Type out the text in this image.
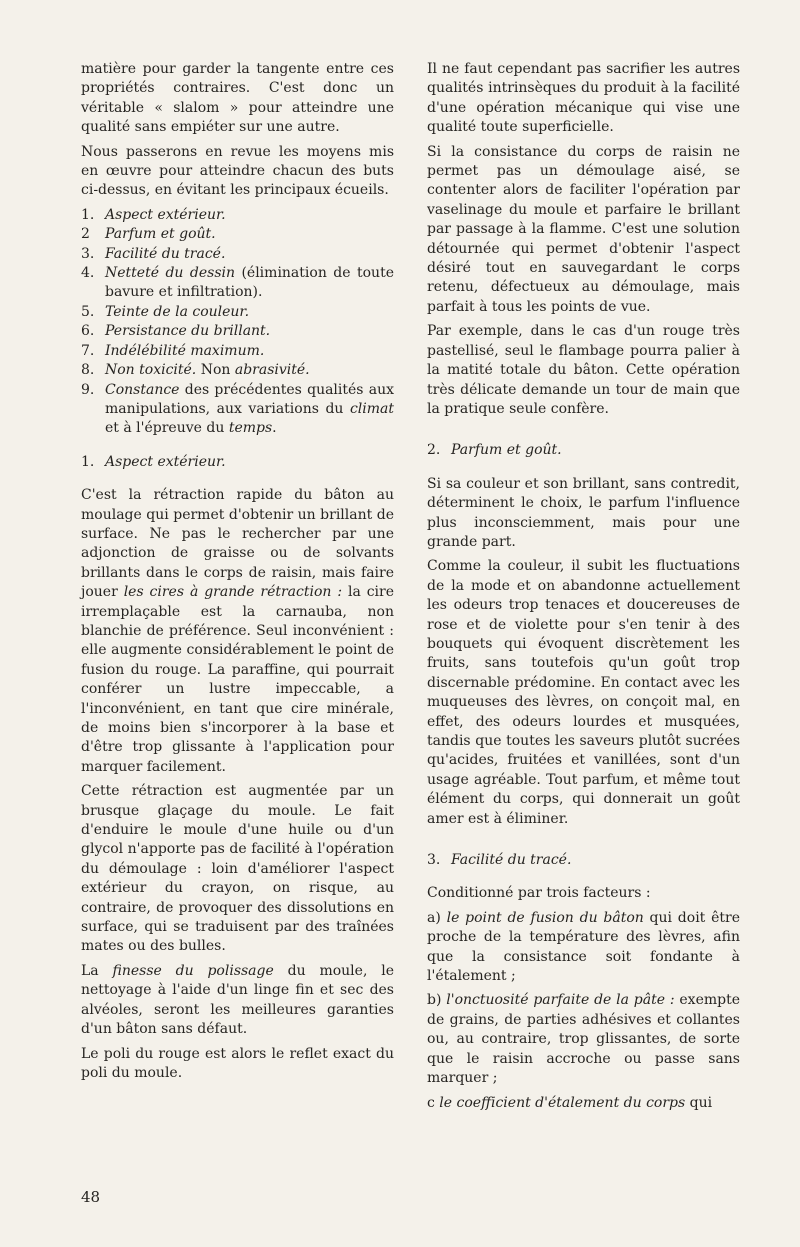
matière pour garder la tangente entre ces propriétés contraires. C'est donc un véritable « slalom » pour atteindre une qualité sans empiéter sur une autre.

Nous passerons en revue les moyens mis en œuvre pour atteindre chacun des buts ci-dessus, en évitant les principaux écueils.

1. Aspect extérieur.
2	Parfum et goût.
3. Facilité du tracé.
4. Netteté du dessin (élimination de toute bavure et infiltration).
5. Teinte de la couleur.
6. Persistance du brillant.
7. Indélébilité maximum.
8. Non toxicité. Non abrasivité.
9. Constance des précédentes qualités aux manipulations, aux variations du climat et à l'épreuve du temps.
1. Aspect extérieur.

C'est la rétraction rapide du bâton au moulage qui permet d'obtenir un brillant de surface. Ne pas le rechercher par une adjonction de graisse ou de solvants brillants dans le corps de raisin, mais faire jouer les cires à grande rétraction : la cire irremplaçable est la carnauba, non blanchie de préférence. Seul inconvénient : elle augmente considérablement le point de fusion du rouge. La paraffine, qui pourrait conférer un lustre impeccable, a l'inconvénient, en tant que cire minérale, de moins bien s'incorporer à la base et d'être trop glissante à l'application pour marquer facilement.

Cette rétraction est augmentée par un brusque glaçage du moule. Le fait d'enduire le moule d'une huile ou d'un glycol n'apporte pas de facilité à l'opération du démoulage : loin d'améliorer l'aspect extérieur du crayon, on risque, au contraire, de provoquer des dissolutions en surface, qui se traduisent par des traînées mates ou des bulles.

La finesse du polissage du moule, le nettoyage à l'aide d'un linge fin et sec des alvéoles, seront les meilleures garanties d'un bâton sans défaut.

Le poli du rouge est alors le reflet exact du poli du moule.

Il ne faut cependant pas sacrifier les autres qualités intrinsèques du produit à la facilité d'une opération mécanique qui vise une qualité toute superficielle.

Si la consistance du corps de raisin ne permet pas un démoulage aisé, se contenter alors de faciliter l'opération par vaselinage du moule et parfaire le brillant par passage à la flamme. C'est une solution détournée qui permet d'obtenir l'aspect désiré tout en sauvegardant le corps retenu, défectueux au démoulage, mais parfait à tous les points de vue.

Par exemple, dans le cas d'un rouge très pastellisé, seul le flambage pourra palier à la matité totale du bâton. Cette opération très délicate demande un tour de main que la pratique seule confère.

2. Parfum et goût.

Si sa couleur et son brillant, sans contredit, déterminent le choix, le parfum l'influence plus inconsciemment, mais pour une grande part.

Comme la couleur, il subit les fluctuations de la mode et on abandonne actuellement les odeurs trop tenaces et doucereuses de rose et de violette pour s'en tenir à des bouquets qui évoquent discrètement les fruits, sans toutefois qu'un goût trop discernable prédomine. En contact avec les muqueuses des lèvres, on conçoit mal, en effet, des odeurs lourdes et musquées, tandis que toutes les saveurs plutôt sucrées qu'acides, fruitées et vanillées, sont d'un usage agréable. Tout parfum, et même tout élément du corps, qui donnerait un goût amer est à éliminer.

3. Facilité du tracé.

Conditionné par trois facteurs :

a) le point de fusion du bâton qui doit être proche de la température des lèvres, afin que la consistance soit fondante à l'étalement ;

b) l'onctuosité parfaite de la pâte : exempte de grains, de parties adhésives et collantes ou, au contraire, trop glissantes, de sorte que le raisin accroche ou passe sans marquer ;

c le coefficient d'étalement du corps qui

48
